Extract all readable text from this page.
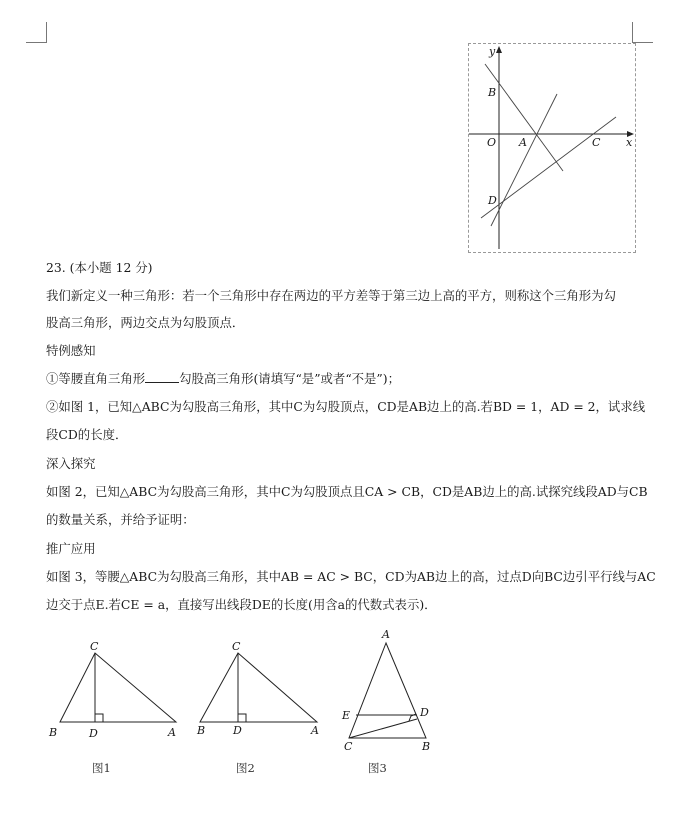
y
x
O A
B
C
D
23. (本小题 12 分)
我们新定义一种三角形：若一个三角形中存在两边的平方差等于第三边上高的平方，则称这个三角形为勾
股高三角形，两边交点为勾股顶点．
特例感知
①等腰直角三角形	勾股高三角形(请填写“是”或者“不是”)；
②如图 1，已知△ABC为勾股高三角形，其中C为勾股顶点，CD是AB边上的高.若BD = 1，AD = 2，试求线
段CD的长度．
深入探究
如图 2，已知△ABC为勾股高三角形，其中C为勾股顶点且CA > CB，CD是AB边上的高.试探究线段AD与CB
的数量关系，并给予证明：
推广应用
如图 3，等腰△ABC为勾股高三角形，其中AB = AC > BC，CD为AB边上的高，过点D向BC边引平行线与AC
边交于点E.若CE = a，直接写出线段DE的长度(用含a的代数式表示)．
C
B	D	A
图1
C
B	D	A
图2
A
E	D
C	B
图3
